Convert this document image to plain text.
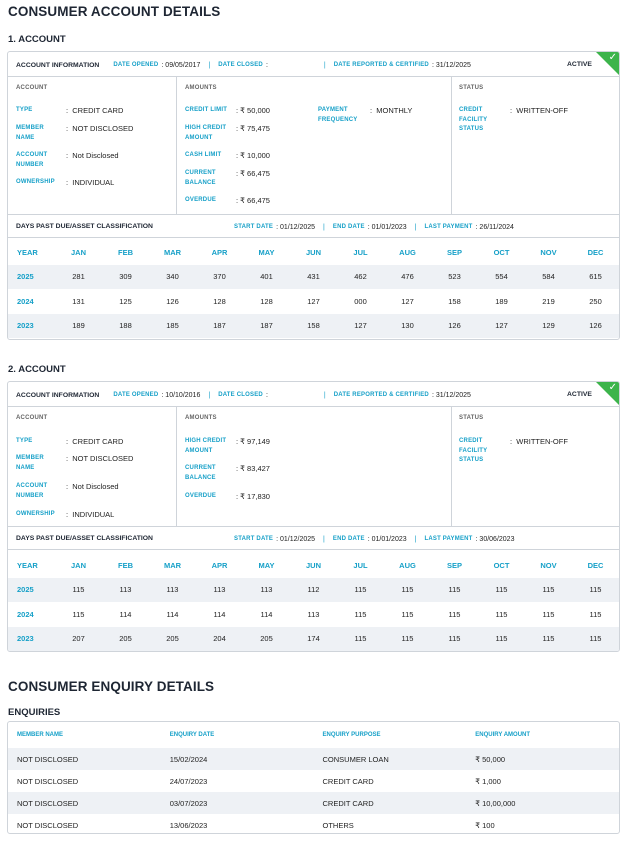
CONSUMER ACCOUNT DETAILS
1. ACCOUNT
✓
ACCOUNT INFORMATION DATE OPENED : 09/05/2017 | DATE CLOSED :	| DATE REPORTED & CERTIFIED : 31/12/2025	ACTIVE
ACCOUNT
TYPE	:  CREDIT CARD
MEMBER NAME
:  NOT DISCLOSED
ACCOUNT NUMBER
:  Not Disclosed
OWNERSHIP :  INDIVIDUAL
AMOUNTS
CREDIT LIMIT : ₹ 50,000
HIGH CREDIT AMOUNT
: ₹ 75,475
CASH LIMIT : ₹ 10,000
CURRENT BALANCE
: ₹ 66,475
OVERDUE	: ₹ 66,475
PAYMENT FREQUENCY
:  MONTHLY
STATUS
CREDIT FACILITY STATUS
:  WRITTEN-OFF
DAYS PAST DUE/ASSET CLASSIFICATION	START DATE : 01/12/2025 | END DATE : 01/01/2023 | LAST PAYMENT : 26/11/2024
YEAR	JAN	FEB	MAR	APR	MAY	JUN	JUL	AUG	SEP	OCT	NOV	DEC
2025	281	309	340	370	401	431	462	476	523	554	584	615
2024	131	125	126	128	128	127	000	127	158	189	219	250
2023	189	188	185	187	187	158	127	130	126	127	129	126
2. ACCOUNT
✓
ACCOUNT INFORMATION DATE OPENED : 10/10/2016 | DATE CLOSED :	| DATE REPORTED & CERTIFIED : 31/12/2025	ACTIVE
ACCOUNT
TYPE	:  CREDIT CARD
MEMBER NAME
:  NOT DISCLOSED
ACCOUNT NUMBER
:  Not Disclosed
OWNERSHIP :  INDIVIDUAL
AMOUNTS
HIGH CREDIT AMOUNT
: ₹ 97,149
CURRENT BALANCE
: ₹ 83,427
OVERDUE	: ₹ 17,830
STATUS
CREDIT FACILITY STATUS
:  WRITTEN-OFF
DAYS PAST DUE/ASSET CLASSIFICATION	START DATE : 01/12/2025 | END DATE : 01/01/2023 | LAST PAYMENT : 30/06/2023
YEAR	JAN	FEB	MAR	APR	MAY	JUN	JUL	AUG	SEP	OCT	NOV	DEC
2025	115	113	113	113	113	112	115	115	115	115	115	115
2024	115	114	114	114	114	113	115	115	115	115	115	115
2023	207	205	205	204	205	174	115	115	115	115	115	115
CONSUMER ENQUIRY DETAILS
ENQUIRIES
MEMBER NAME	ENQUIRY DATE	ENQUIRY PURPOSE	ENQUIRY AMOUNT
NOT DISCLOSED	15/02/2024	CONSUMER LOAN	₹ 50,000
NOT DISCLOSED	24/07/2023	CREDIT CARD	₹ 1,000
NOT DISCLOSED	03/07/2023	CREDIT CARD	₹ 10,00,000
NOT DISCLOSED	13/06/2023	OTHERS	₹ 100
